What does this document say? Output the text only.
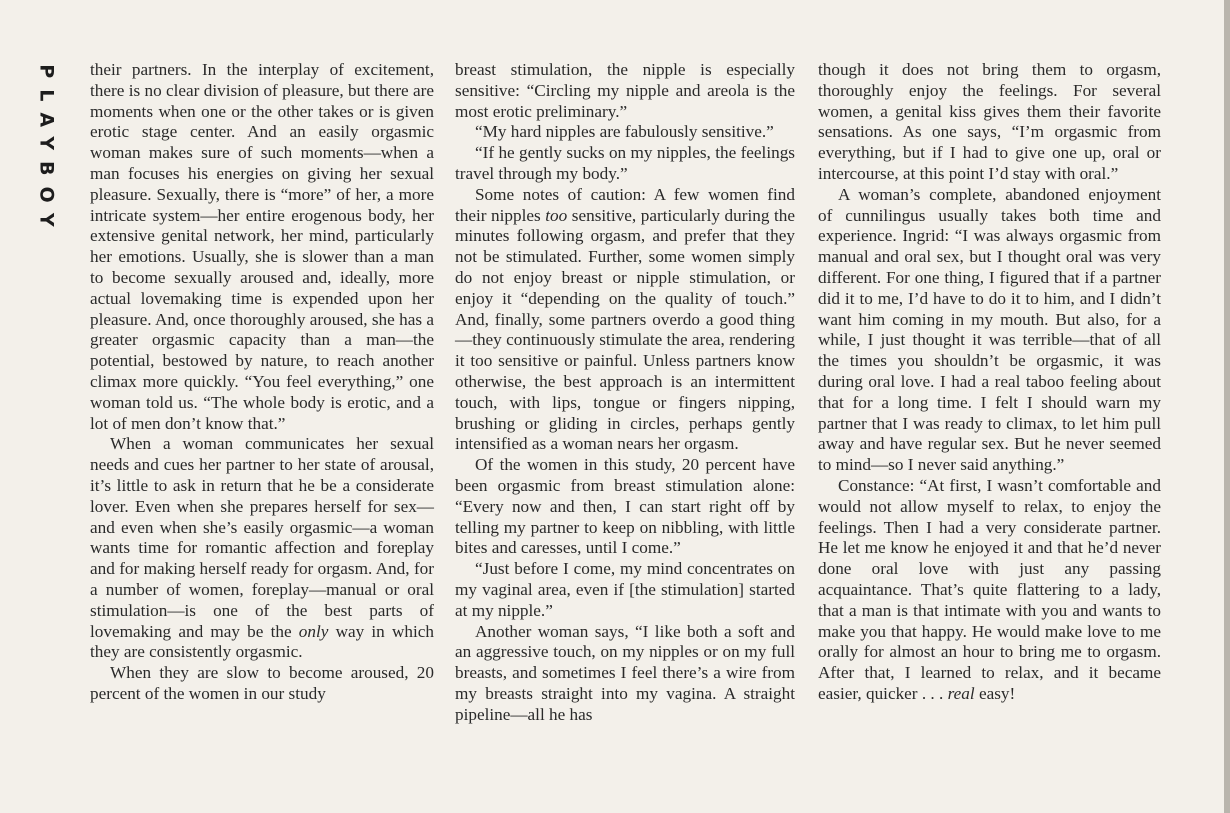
PLAYBOY their partners. In the interplay of excitement, there is no clear division of pleasure, but there are moments when one or the other takes or is given erotic stage center. And an easily orgasmic woman makes sure of such moments—when a man focuses his energies on giving her sexual pleasure. Sexually, there is “more” of her, a more intricate system—her entire erogenous body, her extensive genital network, her mind, particularly her emotions. Usually, she is slower than a man to become sexually aroused and, ideally, more actual lovemaking time is expended upon her pleasure. And, once thoroughly aroused, she has a greater orgasmic capacity than a man—the potential, bestowed by nature, to reach another climax more quickly. “You feel everything,” one woman told us. “The whole body is erotic, and a lot of men don’t know that.”

When a woman communicates her sexual needs and cues her partner to her state of arousal, it’s little to ask in return that he be a considerate lover. Even when she prepares herself for sex—and even when she’s easily orgasmic—a woman wants time for romantic affection and foreplay and for making herself ready for orgasm. And, for a number of women, foreplay—manual or oral stimulation—is one of the best parts of lovemaking and may be the only way in which they are consistently orgasmic.

When they are slow to become aroused, 20 percent of the women in our study

breast stimulation, the nipple is especially sensitive: “Circling my nipple and areola is the most erotic preliminary.”

“My hard nipples are fabulously sensitive.”

“If he gently sucks on my nipples, the feelings travel through my body.”

Some notes of caution: A few women find their nipples too sensitive, particularly during the minutes following orgasm, and prefer that they not be stimulated. Further, some women simply do not enjoy breast or nipple stimulation, or enjoy it “depending on the quality of touch.” And, finally, some partners overdo a good thing—they continuously stimulate the area, rendering it too sensitive or painful. Unless partners know otherwise, the best approach is an intermittent touch, with lips, tongue or fingers nipping, brushing or gliding in circles, perhaps gently intensified as a woman nears her orgasm.

Of the women in this study, 20 percent have been orgasmic from breast stimulation alone: “Every now and then, I can start right off by telling my partner to keep on nibbling, with little bites and caresses, until I come.”

“Just before I come, my mind concentrates on my vaginal area, even if [the stimulation] started at my nipple.”

Another woman says, “I like both a soft and an aggressive touch, on my nipples or on my full breasts, and sometimes I feel there’s a wire from my breasts straight into my vagina. A straight pipeline—all he has

though it does not bring them to orgasm, thoroughly enjoy the feelings. For several women, a genital kiss gives them their favorite sensations. As one says, “I’m orgasmic from everything, but if I had to give one up, oral or intercourse, at this point I’d stay with oral.”

A woman’s complete, abandoned enjoyment of cunnilingus usually takes both time and experience. Ingrid: “I was always orgasmic from manual and oral sex, but I thought oral was very different. For one thing, I figured that if a partner did it to me, I’d have to do it to him, and I didn’t want him coming in my mouth. But also, for a while, I just thought it was terrible—that of all the times you shouldn’t be orgasmic, it was during oral love. I had a real taboo feeling about that for a long time. I felt I should warn my partner that I was ready to climax, to let him pull away and have regular sex. But he never seemed to mind—so I never said anything.”

Constance: “At first, I wasn’t comfortable and would not allow myself to relax, to enjoy the feelings. Then I had a very considerate partner. He let me know he enjoyed it and that he’d never done oral love with just any passing acquaintance. That’s quite flattering to a lady, that a man is that intimate with you and wants to make you that happy. He would make love to me orally for almost an hour to bring me to orgasm. After that, I learned to relax, and it became easier, quicker . . . real easy!
